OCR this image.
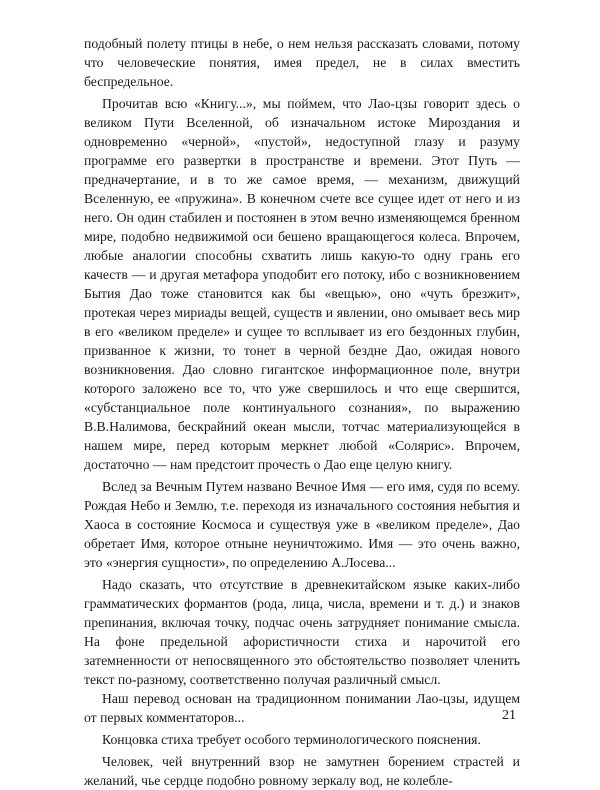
подобный полету птицы в небе, о нем нельзя рассказать словами, потому что человеческие понятия, имея предел, не в силах вместить беспредельное.

Прочитав всю «Книгу...», мы поймем, что Лао-цзы говорит здесь о великом Пути Вселенной, об изначальном истоке Мироздания и одновременно «черной», «пустой», недоступной глазу и разуму программе его развертки в пространстве и времени. Этот Путь — предначертание, и в то же самое время, — механизм, движущий Вселенную, ее «пружина». В конечном счете все сущее идет от него и из него. Он один стабилен и постоянен в этом вечно изменяющемся бренном мире, подобно недвижимой оси бешено вращающегося колеса. Впрочем, любые аналогии способны схватить лишь какую-то одну грань его качеств — и другая метафора уподобит его потоку, ибо с возникновением Бытия Дао тоже становится как бы «вещью», оно «чуть брезжит», протекая через мириады вещей, существ и явлении, оно омывает весь мир в его «великом пределе» и сущее то всплывает из его бездонных глубин, призванное к жизни, то тонет в черной бездне Дао, ожидая нового возникновения. Дао словно гигантское информационное поле, внутри которого заложено все то, что уже свершилось и что еще свершится, «субстанциальное поле континуального сознания», по выражению В.В.Налимова, бескрайний океан мысли, тотчас материализующейся в нашем мире, перед которым меркнет любой «Солярис». Впрочем, достаточно — нам предстоит прочесть о Дао еще целую книгу.

Вслед за Вечным Путем названо Вечное Имя — его имя, судя по всему. Рождая Небо и Землю, т.е. переходя из изначального состояния небытия и Хаоса в состояние Космоса и существуя уже в «великом пределе», Дао обретает Имя, которое отныне неуничтожимо. Имя — это очень важно, это «энергия сущности», по определению А.Лосева...

Надо сказать, что отсутствие в древнекитайском языке каких-либо грамматических формантов (рода, лица, числа, времени и т. д.) и знаков препинания, включая точку, подчас очень затрудняет понимание смысла. На фоне предельной афористичности стиха и нарочитой его затемненности от непосвященного это обстоятельство позволяет членить текст по-разному, соответственно получая различный смысл.

Наш перевод основан на традиционном понимании Лао-цзы, идущем от первых комментаторов...

Концовка стиха требует особого терминологического пояснения.

Человек, чей внутренний взор не замутнен борением страстей и желаний, чье сердце подобно ровному зеркалу вод, не колебле-

21
